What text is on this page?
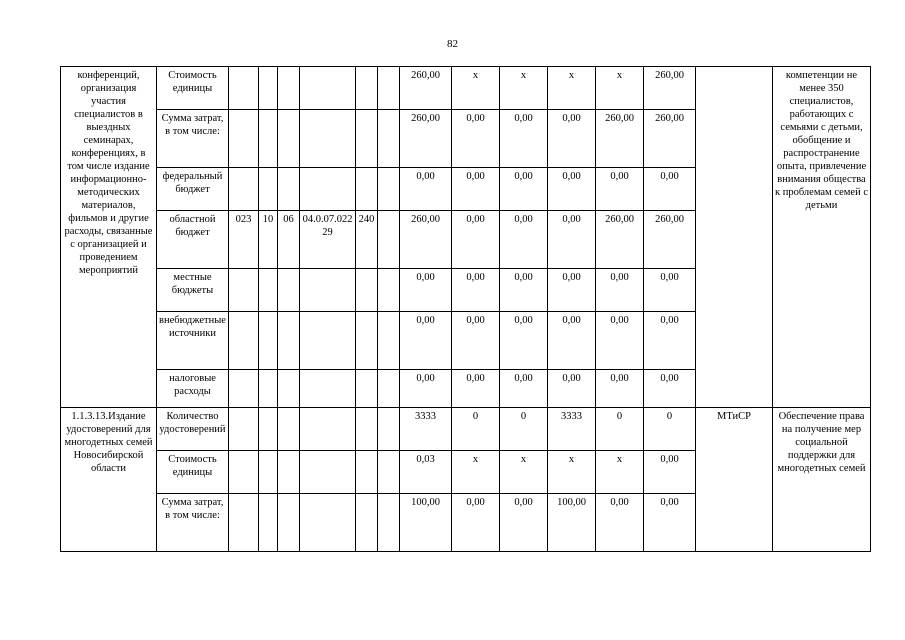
82
конференций, организация участия специалистов в выездных семинарах, конференциях, в том числе издание информационно-методических материалов, фильмов и другие расходы, связанные с организацией и проведением мероприятий	Стоимость единицы							260,00	х	х	х	х	260,00		компетенции не менее 350 специалистов, работающих с семьями с детьми, обобщение и распространение опыта, привлечение внимания общества к проблемам семей с детьми
	Сумма затрат, в том числе:							260,00	0,00	0,00	0,00	260,00	260,00		
	федеральный бюджет							0,00	0,00	0,00	0,00	0,00	0,00		
	областной бюджет	023	10	06	04.0.07.02229	240		260,00	0,00	0,00	0,00	260,00	260,00		
	местные бюджеты							0,00	0,00	0,00	0,00	0,00	0,00		
	внебюджетные источники							0,00	0,00	0,00	0,00	0,00	0,00		
	налоговые расходы							0,00	0,00	0,00	0,00	0,00	0,00		
1.1.3.13.Издание удостоверений для многодетных семей Новосибирской области	Количество удостоверений							3333	0	0	3333	0	0	МТиСР	Обеспечение права на получение мер социальной поддержки для многодетных семей
	Стоимость единицы							0,03	х	х	х	х	0,00		
	Сумма затрат, в том числе:							100,00	0,00	0,00	100,00	0,00	0,00		
